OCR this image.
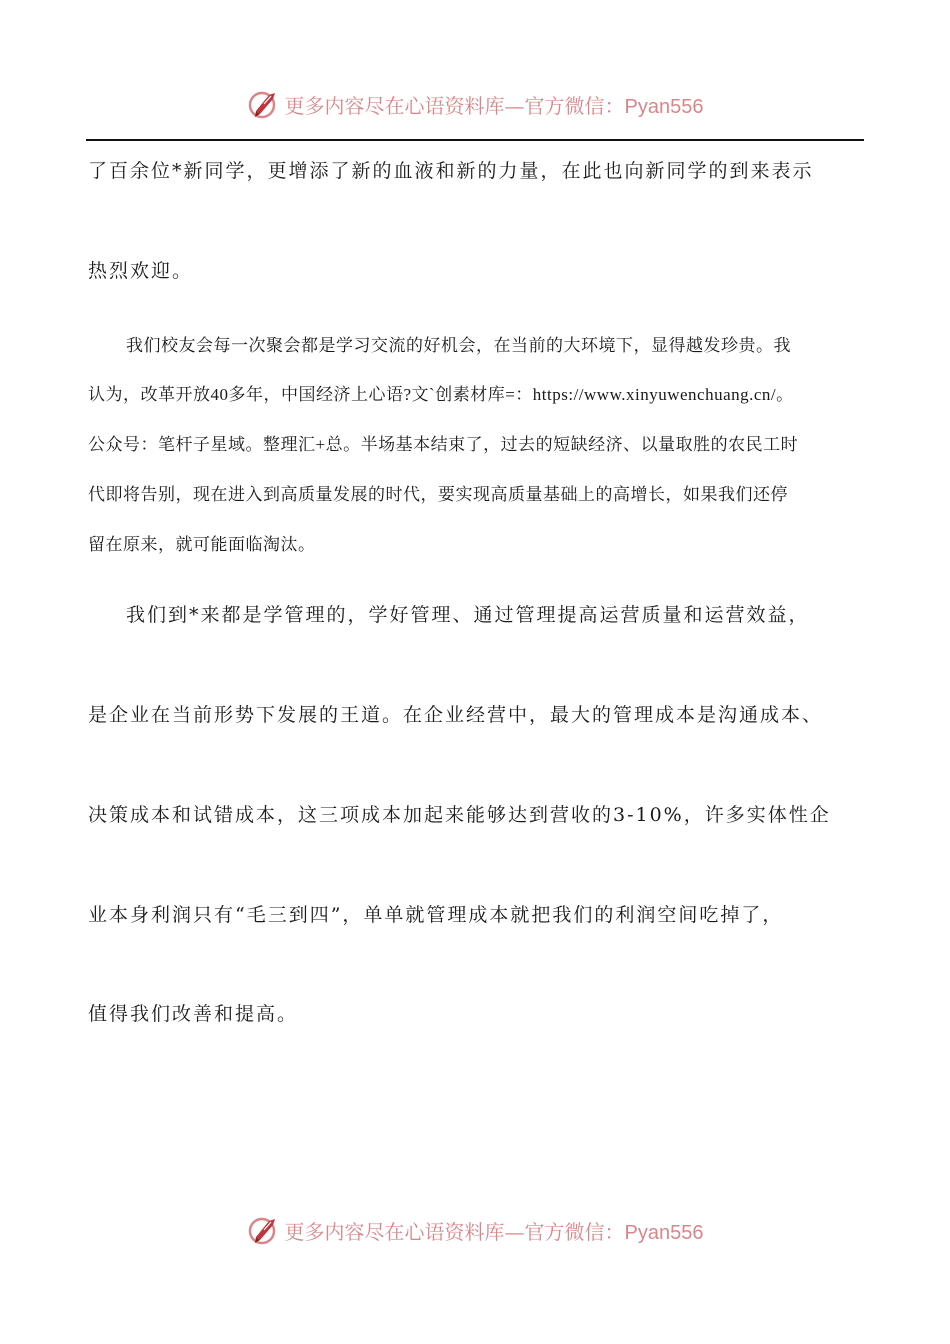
更多内容尽在心语资料库—官方微信：Pyan556
了百余位*新同学，更增添了新的血液和新的力量，在此也向新同学的到来表示
热烈欢迎。
我们校友会每一次聚会都是学习交流的好机会，在当前的大环境下，显得越发珍贵。我
认为，改革开放40多年，中国经济上心语?文`创素材库=：https://www.xinyuwenchuang.cn/。
公众号：笔杆子星域。整理汇+总。半场基本结束了，过去的短缺经济、以量取胜的农民工时
代即将告别，现在进入到高质量发展的时代，要实现高质量基础上的高增长，如果我们还停
留在原来，就可能面临淘汰。
我们到*来都是学管理的，学好管理、通过管理提高运营质量和运营效益，
是企业在当前形势下发展的王道。在企业经营中，最大的管理成本是沟通成本、
决策成本和试错成本，这三项成本加起来能够达到营收的3-10%，许多实体性企
业本身利润只有“毛三到四”，单单就管理成本就把我们的利润空间吃掉了，
值得我们改善和提高。
更多内容尽在心语资料库—官方微信：Pyan556
